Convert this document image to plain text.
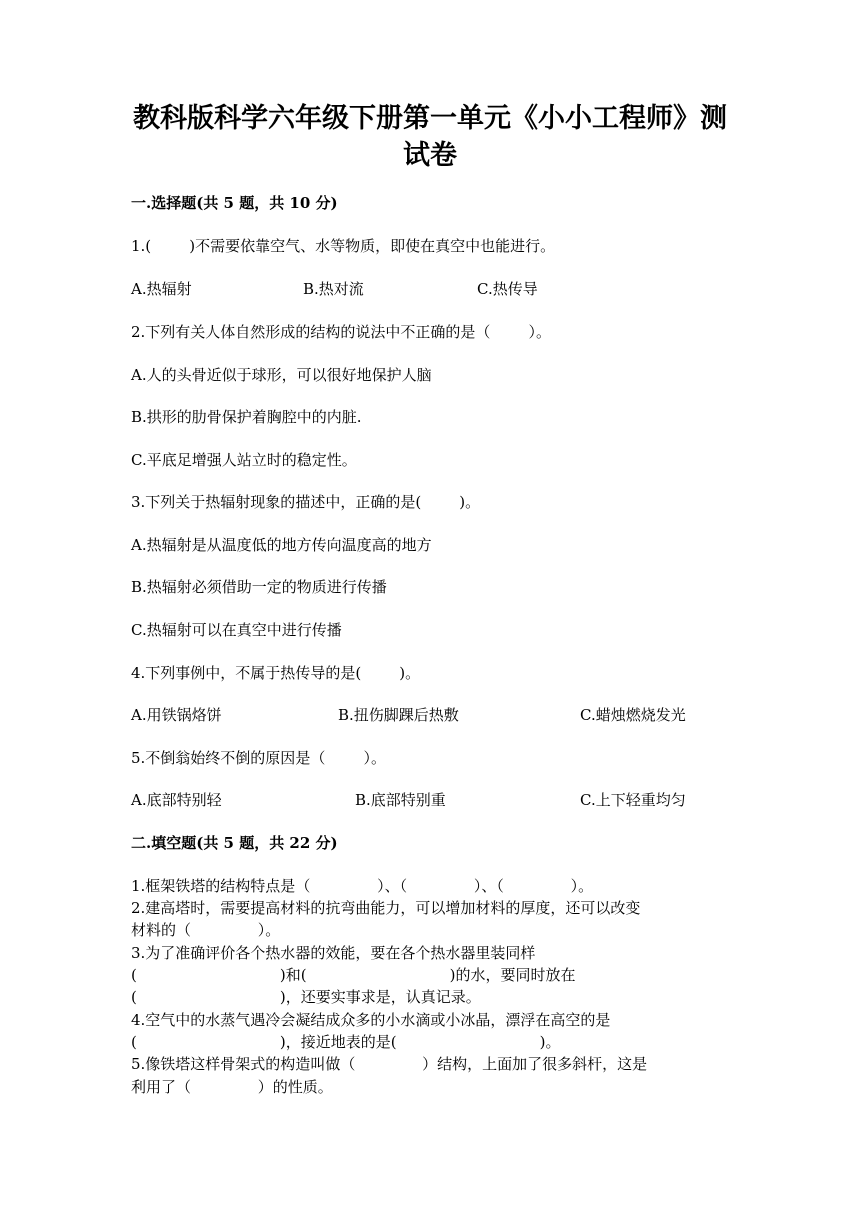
教科版科学六年级下册第一单元《小小工程师》测
试卷
一.选择题(共 5 题，共 10 分)
1.(        )不需要依靠空气、水等物质，即使在真空中也能进行。
A.热辐射	B.热对流	C.热传导
2.下列有关人体自然形成的结构的说法中不正确的是（        ）。
A.人的头骨近似于球形，可以很好地保护人脑
B.拱形的肋骨保护着胸腔中的内脏.
C.平底足增强人站立时的稳定性。
3.下列关于热辐射现象的描述中，正确的是(        )。
A.热辐射是从温度低的地方传向温度高的地方
B.热辐射必须借助一定的物质进行传播
C.热辐射可以在真空中进行传播
4.下列事例中，不属于热传导的是(        )。
A.用铁锅烙饼	B.扭伤脚踝后热敷	C.蜡烛燃烧发光
5.不倒翁始终不倒的原因是（        ）。
A.底部特别轻	B.底部特别重	C.上下轻重均匀
二.填空题(共 5 题，共 22 分)
1.框架铁塔的结构特点是（              ）、（              ）、（              ）。
2.建高塔时，需要提高材料的抗弯曲能力，可以增加材料的厚度，还可以改变
材料的（              ）。
3.为了准确评价各个热水器的效能，要在各个热水器里装同样
(                              )和(                              )的水，要同时放在
(                              )，还要实事求是，认真记录。
4.空气中的水蒸气遇冷会凝结成众多的小水滴或小冰晶，漂浮在高空的是
(                              )，接近地表的是(                              )。
5.像铁塔这样骨架式的构造叫做（              ）结构，上面加了很多斜杆，这是
利用了（              ）的性质。
